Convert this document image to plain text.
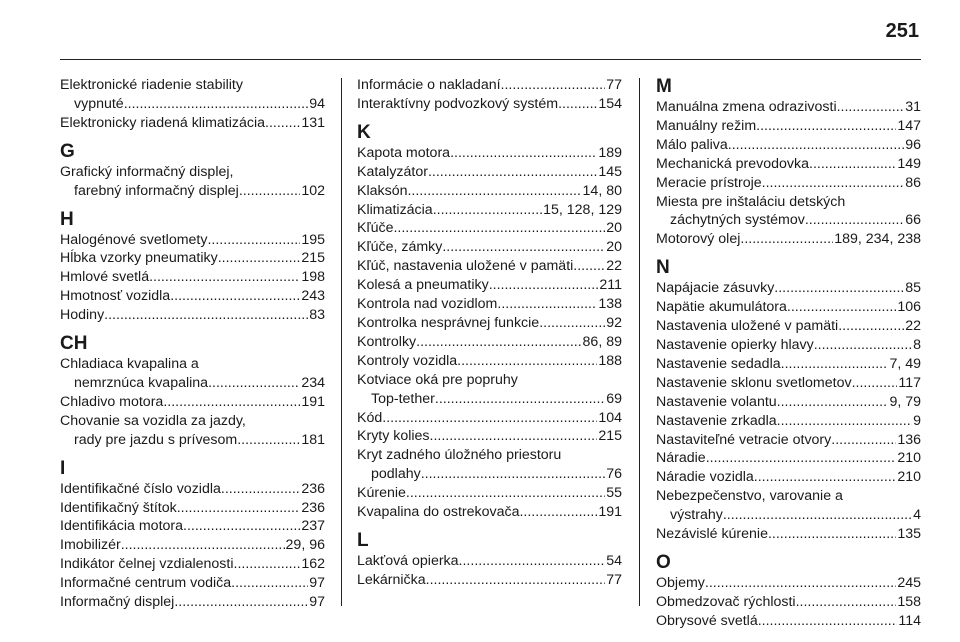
251
Elektronické riadenie stability
vypnuté .....	94
Elektronicky riadená klimatizácia .....	131
G
Grafický informačný displej,
farebný informačný displej .....	102
H
Halogénové svetlomety .....	195
Hĺbka vzorky pneumatiky .....	215
Hmlové svetlá .....	198
Hmotnosť vozidla .....	243
Hodiny .....	83
CH
Chladiaca kvapalina a
nemrznúca kvapalina .....	234
Chladivo motora .....	191
Chovanie sa vozidla za jazdy,
rady pre jazdu s prívesom .....	181
I
Identifikačné číslo vozidla .....	236
Identifikačný štítok .....	236
Identifikácia motora .....	237
Imobilizér .....	29, 96
Indikátor čelnej vzdialenosti .....	162
Informačné centrum vodiča .....	97
Informačný displej .....	97
Informácie o nakladaní .....	77
Interaktívny podvozkový systém .....	154
K
Kapota motora .....	189
Katalyzátor .....	145
Klaksón .....	14, 80
Klimatizácia .....	15, 128, 129
Kľúče .....	20
Kľúče, zámky .....	20
Kľúč, nastavenia uložené v pamäti ..... 22
Kolesá a pneumatiky .....	211
Kontrola nad vozidlom .....	138
Kontrolka nesprávnej funkcie .....	92
Kontrolky .....	86, 89
Kontroly vozidla .....	188
Kotviace oká pre popruhy
Top-tether .....	69
Kód .....	104
Kryty kolies .....	215
Kryt zadného úložného priestoru
podlahy .....	76
Kúrenie .....	55
Kvapalina do ostrekovača .....	191
L
Lakťová opierka .....	54
Lekárnička .....	77
M
Manuálna zmena odrazivosti .....	31
Manuálny režim .....	147
Málo paliva .....	96
Mechanická prevodovka .....	149
Meracie prístroje .....	86
Miesta pre inštaláciu detských
záchytných systémov .....	66
Motorový olej .....	189, 234, 238
N
Napájacie zásuvky .....	85
Napätie akumulátora .....	106
Nastavenia uložené v pamäti .....	22
Nastavenie opierky hlavy .....	8
Nastavenie sedadla .....	7, 49
Nastavenie sklonu svetlometov .....	117
Nastavenie volantu .....	9, 79
Nastavenie zrkadla .....	9
Nastaviteľné vetracie otvory .....	136
Náradie .....	210
Náradie vozidla .....	210
Nebezpečenstvo, varovanie a
výstrahy .....	4
Nezávislé kúrenie .....	135
O
Objemy .....	245
Obmedzovač rýchlosti .....	158
Obrysové svetlá .....	114
